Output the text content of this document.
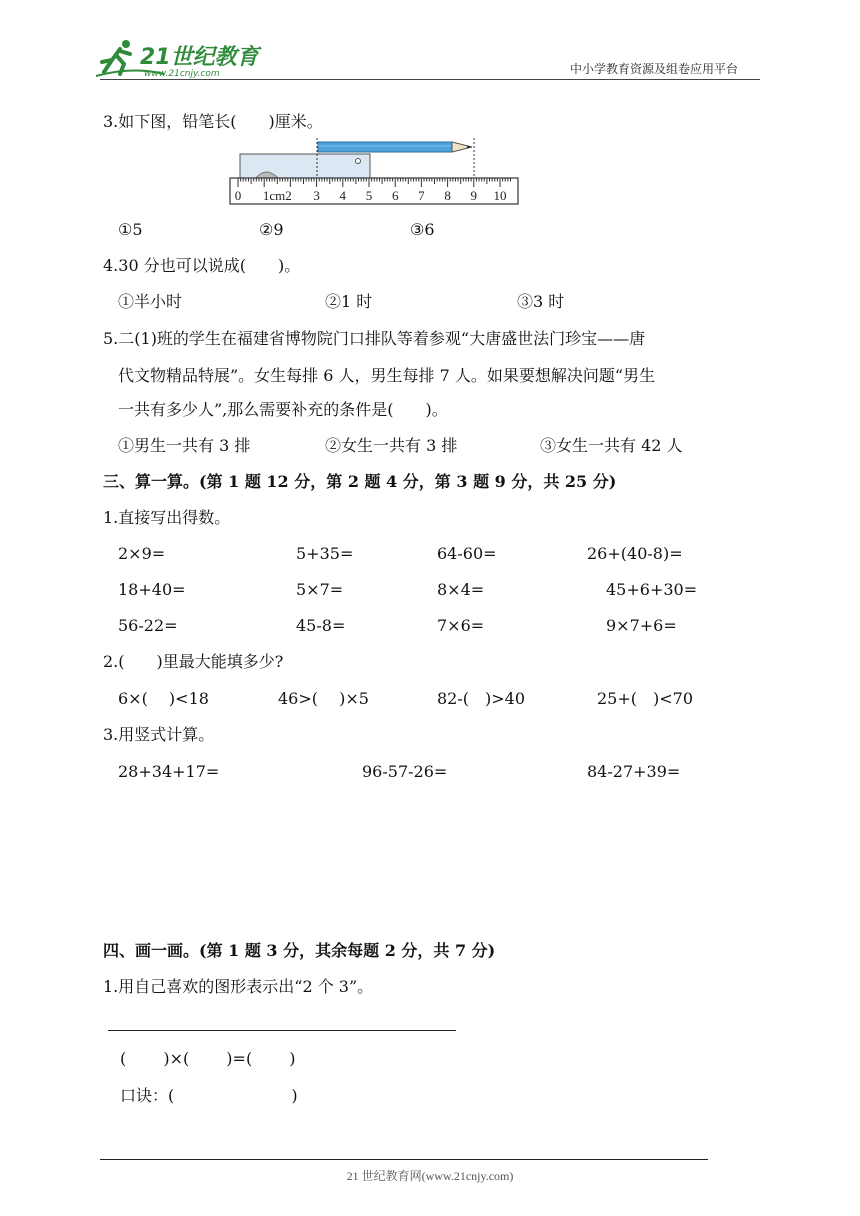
21世纪教育
www.21cnjy.com	中小学教育资源及组卷应用平台
3.如下图，铅笔长(　　)厘米。
0 1cm2 3 4 5 6 7 8 9 10
①5	②9	③6
4.30 分也可以说成(　　)。
①半小时	②1 时	③3 时
5.二(1)班的学生在福建省博物院门口排队等着参观“大唐盛世法门珍宝——唐
代文物精品特展”。女生每排 6 人，男生每排 7 人。如果要想解决问题“男生
一共有多少人”,那么需要补充的条件是(　　)。
①男生一共有 3 排	②女生一共有 3 排	③女生一共有 42 人
三、算一算。(第 1 题 12 分，第 2 题 4 分，第 3 题 9 分，共 25 分)
1.直接写出得数。
2×9=	5+35=	64-60=	26+(40-8)=
18+40=	5×7=	8×4=	45+6+30=
56-22=	45-8=	7×6=	9×7+6=
2.(　　)里最大能填多少?
6×(　 )<18	46>(　 )×5	82-(　)>40	25+(　)<70
3.用竖式计算。
28+34+17=	96-57-26=	84-27+39=
四、画一画。(第 1 题 3 分，其余每题 2 分，共 7 分)
1.用自己喜欢的图形表示出“2 个 3”。
(　　 )×(　　 )=(　　 )
口诀：(　　　　　　　 )
21 世纪教育网(www.21cnjy.com)
